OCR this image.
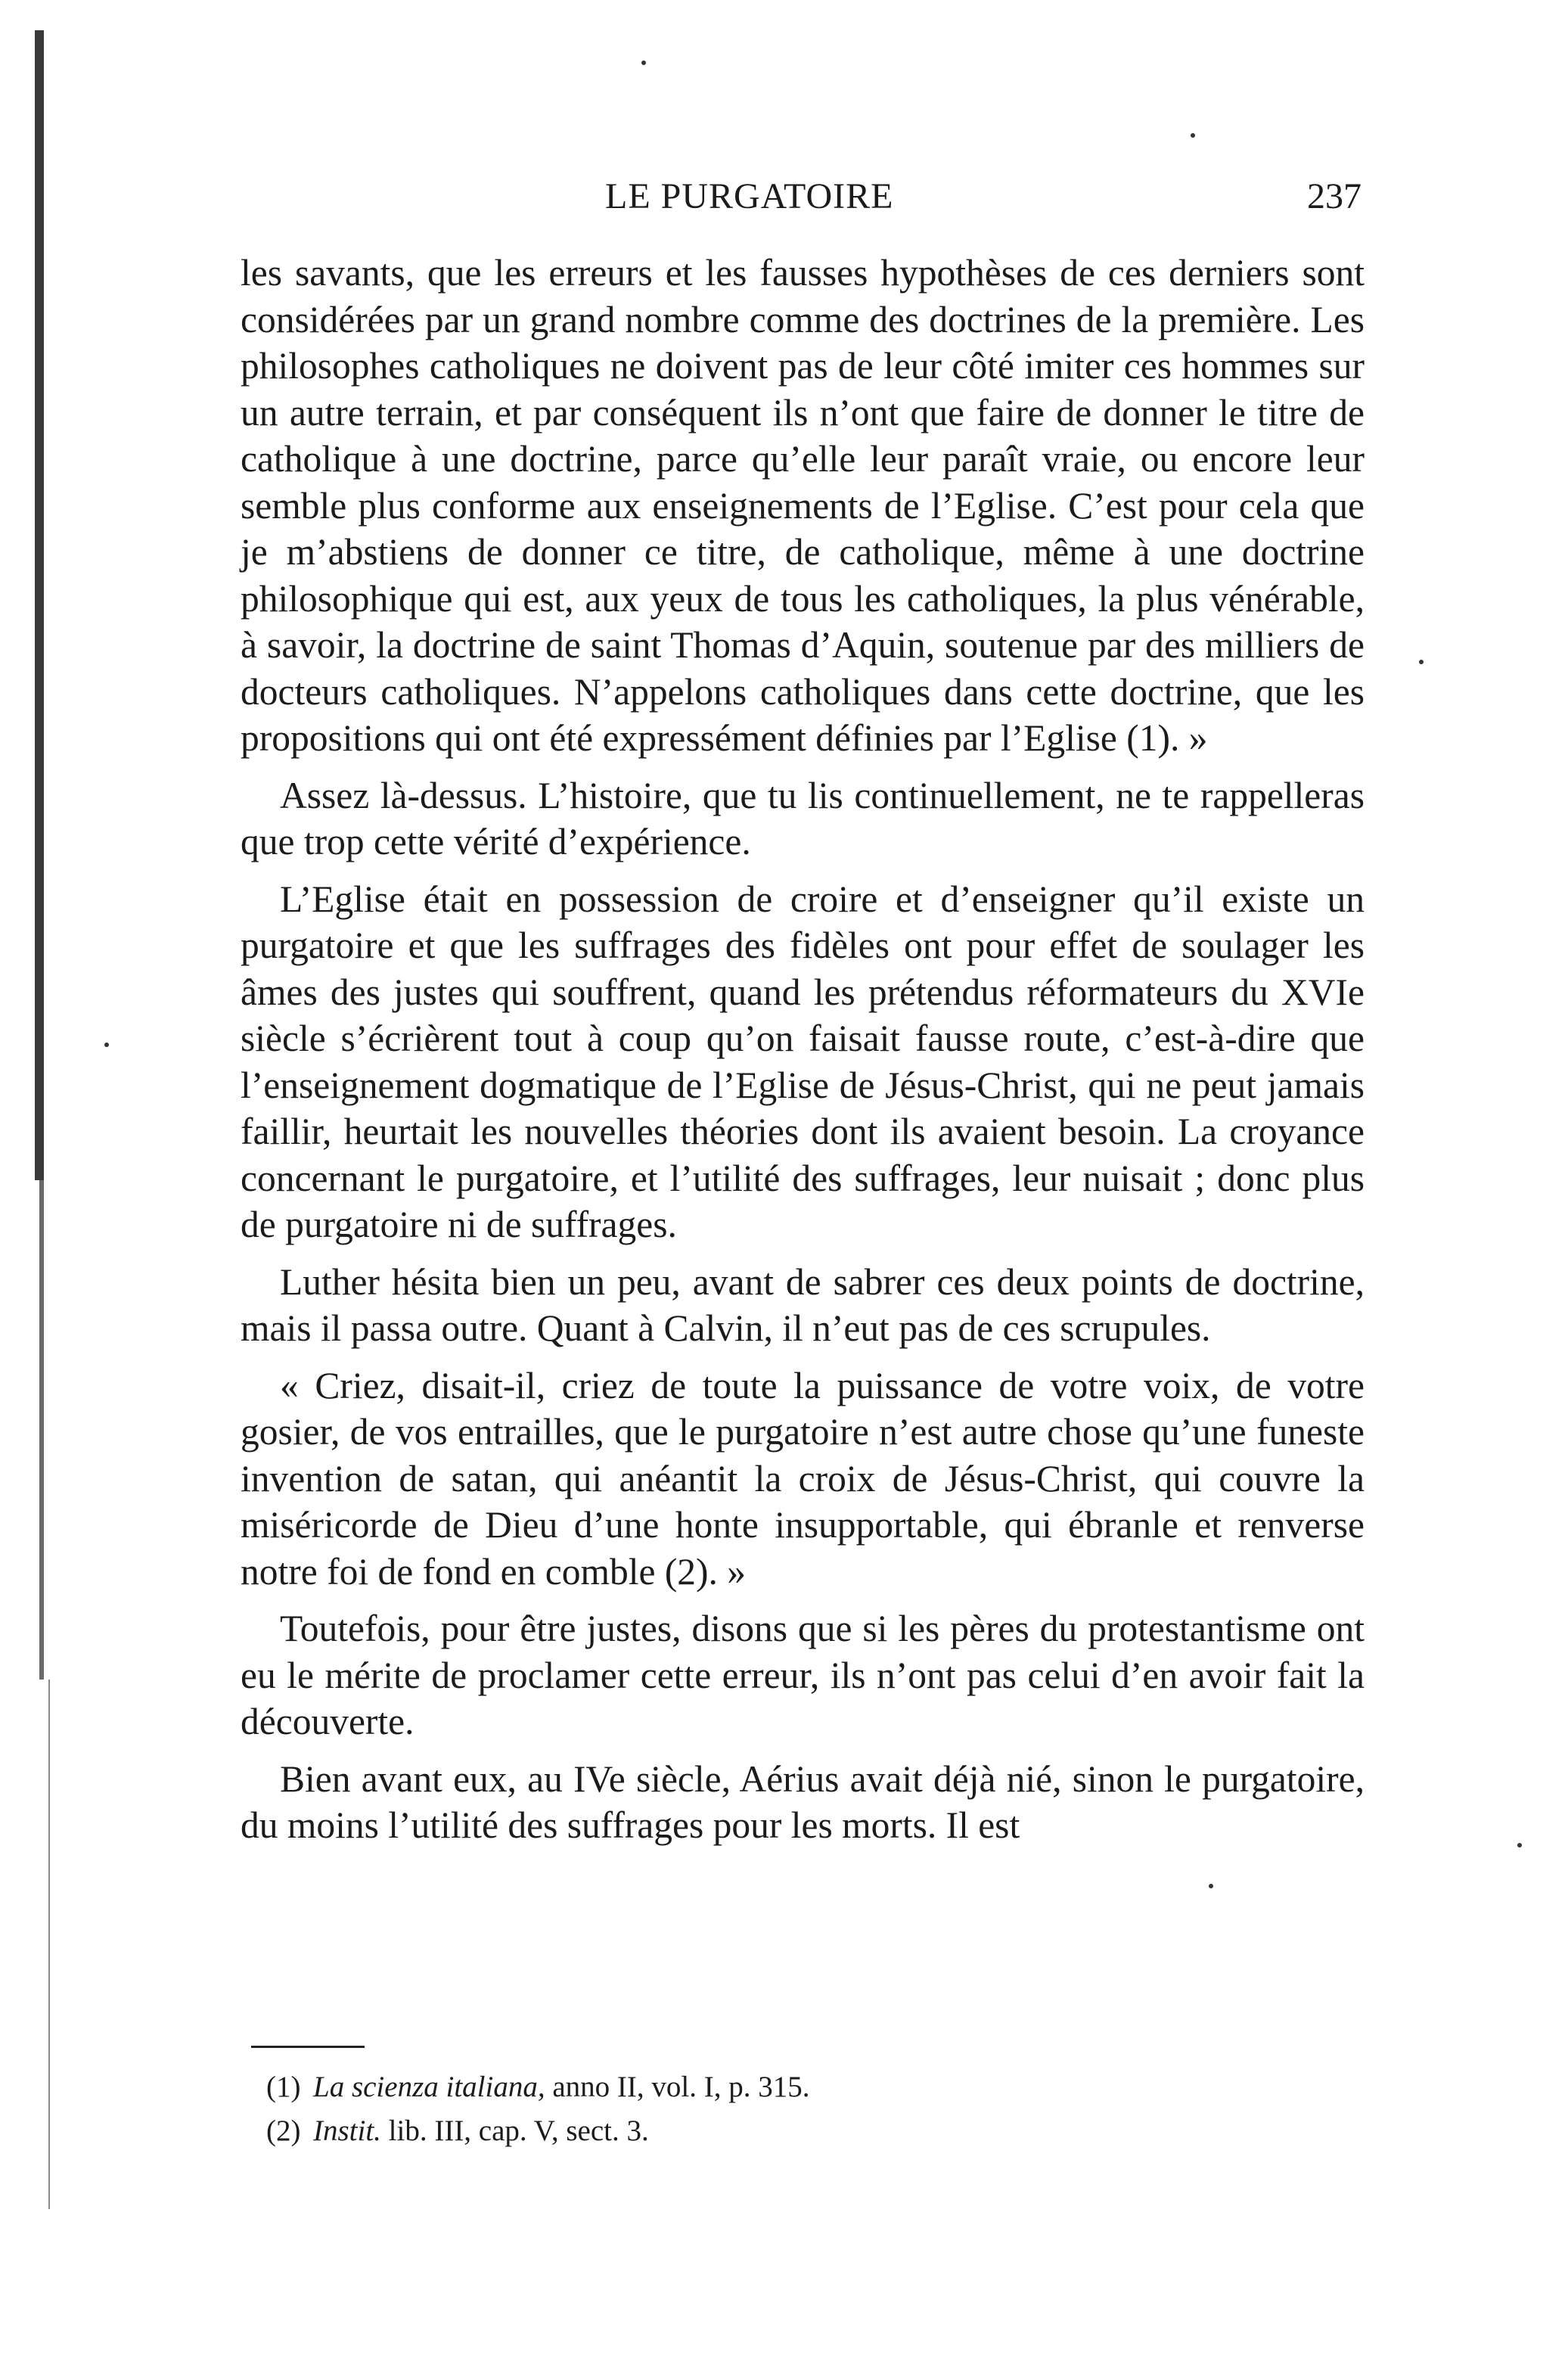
LE PURGATOIRE	237

les savants, que les erreurs et les fausses hypothèses de ces derniers sont considérées par un grand nombre comme des doctrines de la première. Les philosophes catholiques ne doivent pas de leur côté imiter ces hommes sur un autre terrain, et par conséquent ils n’ont que faire de donner le titre de catholique à une doctrine, parce qu’elle leur paraît vraie, ou encore leur semble plus conforme aux enseignements de l’Eglise. C’est pour cela que je m’abstiens de donner ce titre, de catholique, même à une doctrine philosophique qui est, aux yeux de tous les catholiques, la plus vénérable, à savoir, la doctrine de saint Thomas d’Aquin, soutenue par des milliers de docteurs catholiques. N’appelons catholiques dans cette doctrine, que les propositions qui ont été expressément définies par l’Eglise (1). »

Assez là-dessus. L’histoire, que tu lis continuellement, ne te rappelleras que trop cette vérité d’expérience.

L’Eglise était en possession de croire et d’enseigner qu’il existe un purgatoire et que les suffrages des fidèles ont pour effet de soulager les âmes des justes qui souffrent, quand les prétendus réformateurs du XVIe siècle s’écrièrent tout à coup qu’on faisait fausse route, c’est-à-dire que l’enseignement dogmatique de l’Eglise de Jésus-Christ, qui ne peut jamais faillir, heurtait les nouvelles théories dont ils avaient besoin. La croyance concernant le purgatoire, et l’utilité des suffrages, leur nuisait ; donc plus de purgatoire ni de suffrages.

Luther hésita bien un peu, avant de sabrer ces deux points de doctrine, mais il passa outre. Quant à Calvin, il n’eut pas de ces scrupules.

« Criez, disait-il, criez de toute la puissance de votre voix, de votre gosier, de vos entrailles, que le purgatoire n’est autre chose qu’une funeste invention de satan, qui anéantit la croix de Jésus-Christ, qui couvre la miséricorde de Dieu d’une honte insupportable, qui ébranle et renverse notre foi de fond en comble (2). »

Toutefois, pour être justes, disons que si les pères du protestantisme ont eu le mérite de proclamer cette erreur, ils n’ont pas celui d’en avoir fait la découverte.

Bien avant eux, au IVe siècle, Aérius avait déjà nié, sinon le purgatoire, du moins l’utilité des suffrages pour les morts. Il est

(1) La scienza italiana, anno II, vol. I, p. 315.
(2) Instit. lib. III, cap. V, sect. 3.
